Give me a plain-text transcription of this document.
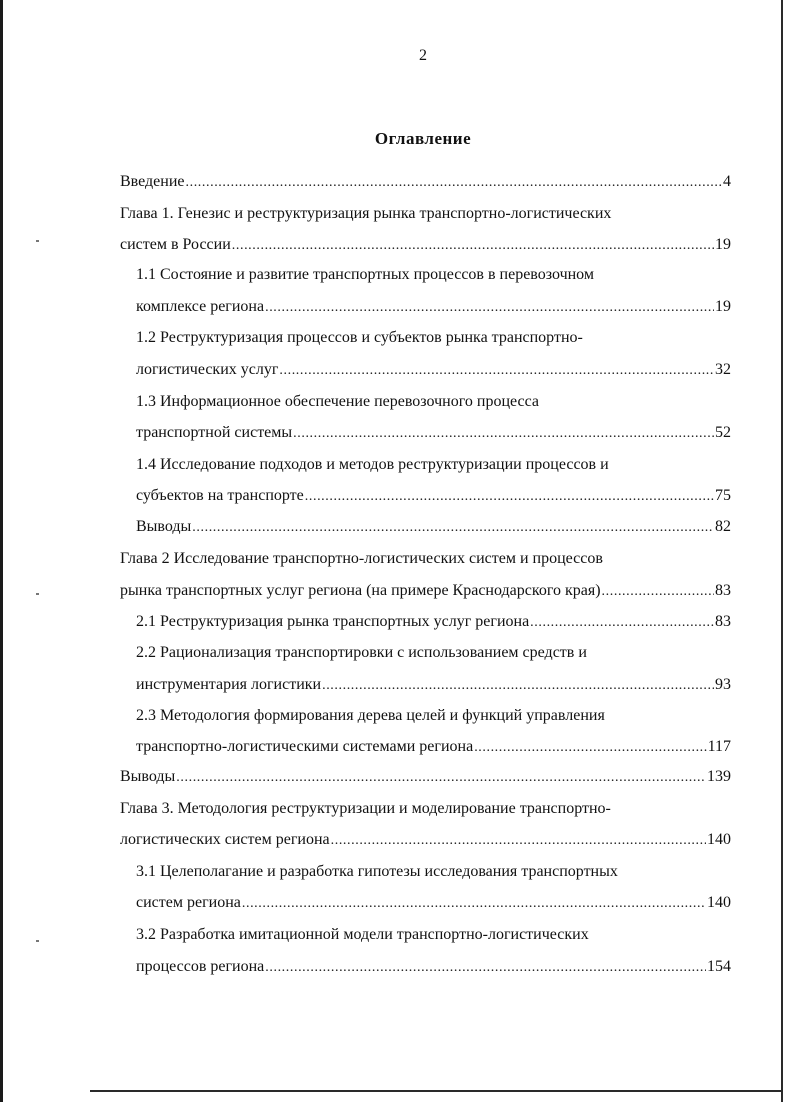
2
Оглавление
Введение .....	4
Глава 1. Генезис и реструктуризация рынка транспортно-логистических
систем в России .....	19
1.1 Состояние и развитие транспортных процессов в перевозочном
комплексе региона .....	19
1.2 Реструктуризация процессов и субъектов рынка транспортно-
логистических услуг .....	32
1.3 Информационное обеспечение перевозочного процесса
транспортной системы .....	52
1.4 Исследование подходов и методов реструктуризации процессов и
субъектов на транспорте .....	75
Выводы .....	82
Глава 2 Исследование транспортно-логистических систем и процессов
рынка транспортных услуг региона (на примере Краснодарского края) .....	83
2.1 Реструктуризация рынка транспортных услуг региона .....	83
2.2 Рационализация транспортировки с использованием средств и
инструментария логистики .....	93
2.3 Методология формирования дерева целей и функций управления
транспортно-логистическими системами региона .....	117
Выводы .....	139
Глава 3. Методология реструктуризации и моделирование транспортно-
логистических систем региона .....	140
3.1 Целеполагание и разработка гипотезы исследования транспортных
систем региона .....	140
3.2 Разработка имитационной модели транспортно-логистических
процессов региона .....	154
